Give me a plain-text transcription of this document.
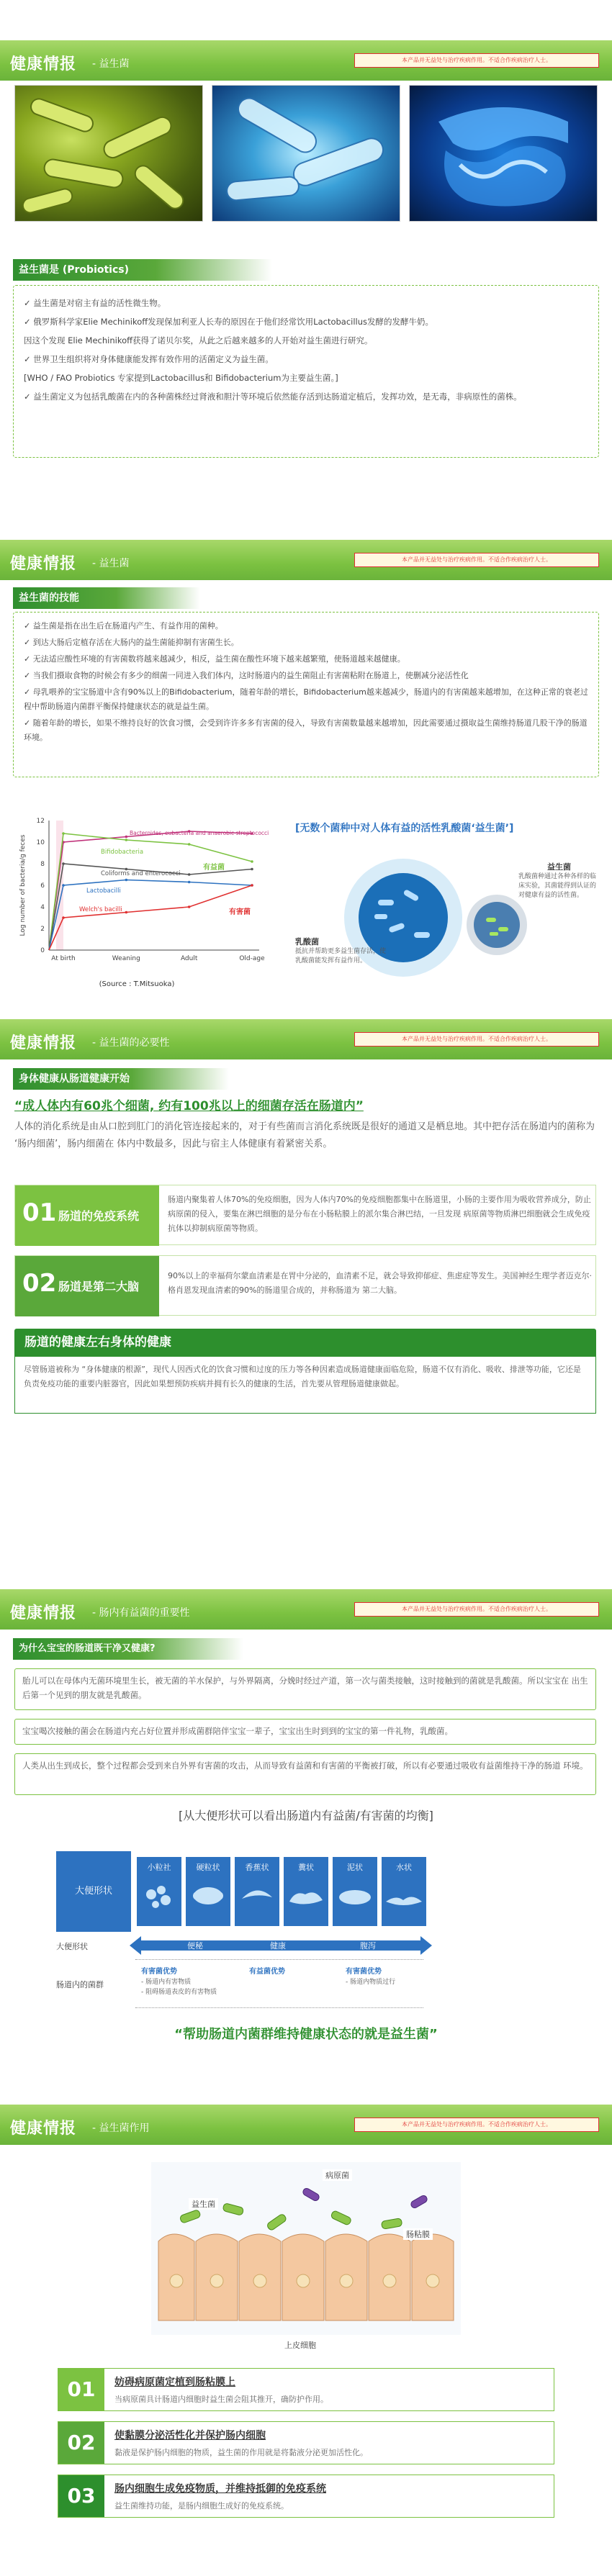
健康情报 - 益生菌	本产品并无益处与治疗疾病作用。不适合作疾病治疗人士。
益生菌是 (Probiotics)

✓ 益生菌是对宿主有益的活性微生物。

✓ 俄罗斯科学家Elie Mechinikoff发现保加利亚人长寿的原因在于他们经常饮用Lactobacillus发酵的发酵牛奶。

因这个发现 Elie Mechinikoff获得了诺贝尔奖，从此之后越来越多的人开始对益生菌进行研究。

✓ 世界卫生组织将对身体健康能发挥有效作用的活菌定义为益生菌。

[WHO / FAO Probiotics 专家提到Lactobacillus和 Bifidobacterium为主要益生菌。]

✓ 益生菌定义为包括乳酸菌在内的各种菌株经过肾液和胆汁等环境后依然能存活到达肠道定植后，发挥功效，是无毒，非病原性的菌株。

健康情报 - 益生菌	本产品并无益处与治疗疾病作用。不适合作疾病治疗人士。
益生菌的技能

✓ 益生菌是指在出生后在肠道内产生、有益作用的菌种。

✓ 到达大肠后定植存活在大肠内的益生菌能抑制有害菌生长。

✓ 无法适应酸性环境的有害菌数将越来越减少，相反，益生菌在酸性环境下越来越繁殖，使肠道越来越健康。

✓ 当我们摄取食物的时候会有多少的细菌一同进入我们体内，这时肠道内的益生菌阻止有害菌粘附在肠道上，使删减分泌活性化

✓ 母乳喂养的宝宝肠道中含有90%以上的Bifidobacterium，随着年龄的增长，Bifidobacterium越来越减少，肠道内的有害菌越来越增加，在这种正常的衰老过程中帮助肠道内菌群平衡保持健康状态的就是益生菌。

✓ 随着年龄的增长，如果不维持良好的饮食习惯，会受到许许多多有害菌的侵入，导致有害菌数量越来越增加，因此需要通过摄取益生菌维持肠道几股干净的肠道环境。

Log number of bacteria/g feces
0
2
4
6
8
10
12
At birth	Weaning	Adult	Old-age
Bacteroides, eubacteria and anaerobic streptococci
Bifidobacteria
Coliforms and enterococci
Lactobacilli
Welch's bacilli
有益菌
有害菌
(Source : T.Mitsuoka)
[无数个菌种中对人体有益的活性乳酸菌‘益生菌’]
乳酸菌
抵抗并帮助更多益生菌存活，使乳酸菌能发挥有益作用。
益生菌
乳酸菌种通过各种各样的临床实验，其菌能得到认证的对健康有益的活性菌。
健康情报 - 益生菌的必要性	本产品并无益处与治疗疾病作用。不适合作疾病治疗人士。
身体健康从肠道健康开始
“成人体内有60兆个细菌, 约有100兆以上的细菌存活在肠道内”
人体的消化系统是由从口腔到肛门的消化管连接起来的，对于有些菌而言消化系统既是很好的通道又是栖息地。其中把存活在肠道内的菌称为 ‘肠内细菌’，肠内细菌在 体内中数最多，因此与宿主人体健康有着紧密关系。
01 肠道的免疫系统
肠道内聚集着人体70%的免疫细胞，因为人体内70%的免疫细胞都集中在肠道里，小肠的主要作用为吸收营养成分，防止病原菌的侵入，要集在淋巴细胞的是分布在小肠粘膜上的派尔集合淋巴结，一旦发现 病原菌等物质淋巴细胞就会生成免疫抗体以抑制病原菌等物质。
02 肠道是第二大脑
90%以上的幸福荷尔蒙血清素是在胃中分泌的，血清素不足，就会导致抑郁症、焦虑症等发生。美国神经生理学者迈克尔·格肖恩发现血清素的90%的肠道里合成的，并称肠道为 第二大脑。
肠道的健康左右身体的健康
尽管肠道被称为 “身体健康的根源”，现代人因西式化的饮食习惯和过度的压力等各种因素造成肠道健康面临危险，肠道不仅有消化、吸收、排泄等功能，它还是负责免疫功能的重要内脏器官，因此如果想预防疾病并拥有长久的健康的生活，首先要从管理肠道健康做起。
健康情报 - 肠内有益菌的重要性	本产品并无益处与治疗疾病作用。不适合作疾病治疗人士。
为什么宝宝的肠道既干净又健康?
胎儿可以在母体内无菌环境里生长，被无菌的羊水保护，与外界隔离，分娩时经过产道，第一次与菌类接触，这时接触到的菌就是乳酸菌。所以宝宝在 出生后第一个见到的朋友就是乳酸菌。
宝宝喝次接触的菌会在肠道内充占好位置并形成菌群陪伴宝宝一辈子，宝宝出生时到到的宝宝的第一件礼物，乳酸菌。
人类从出生到成长，整个过程都会受到来自外界有害菌的攻击，从而导致有益菌和有害菌的平衡被打破，所以有必要通过吸收有益菌维持干净的肠道 环境。
[从大便形状可以看出肠道内有益菌/有害菌的均衡]
大便形状
小粒社	硬粒状	香蕉状	糞状	泥状	水状
大便形状	便秘	健康	腹泻
肠道内的菌群
有害菌优势
- 肠道内有害物质
- 阻碍肠道表皮的有害物质
有益菌优势	有害菌优势
- 肠道内物质过行
“帮助肠道内菌群维持健康状态的就是益生菌”
健康情报 - 益生菌作用	本产品并无益处与治疗疾病作用。不适合作疾病治疗人士。
病原菌
益生菌
肠粘膜
上皮细胞
01	妨碍病原菌定植到肠粘膜上
当病原菌具计肠道内细胞时益生菌会阻其推开，确防护作用。
02	使黏膜分泌活性化并保护肠内细胞
黏液是保护肠内细胞的物质，益生菌的作用就是将黏液分泌更加活性化。
03	肠内细胞生成免疫物质，并维持抵御的免疫系统
益生菌维持功能，是肠内细胞生成好的免疫系统。
